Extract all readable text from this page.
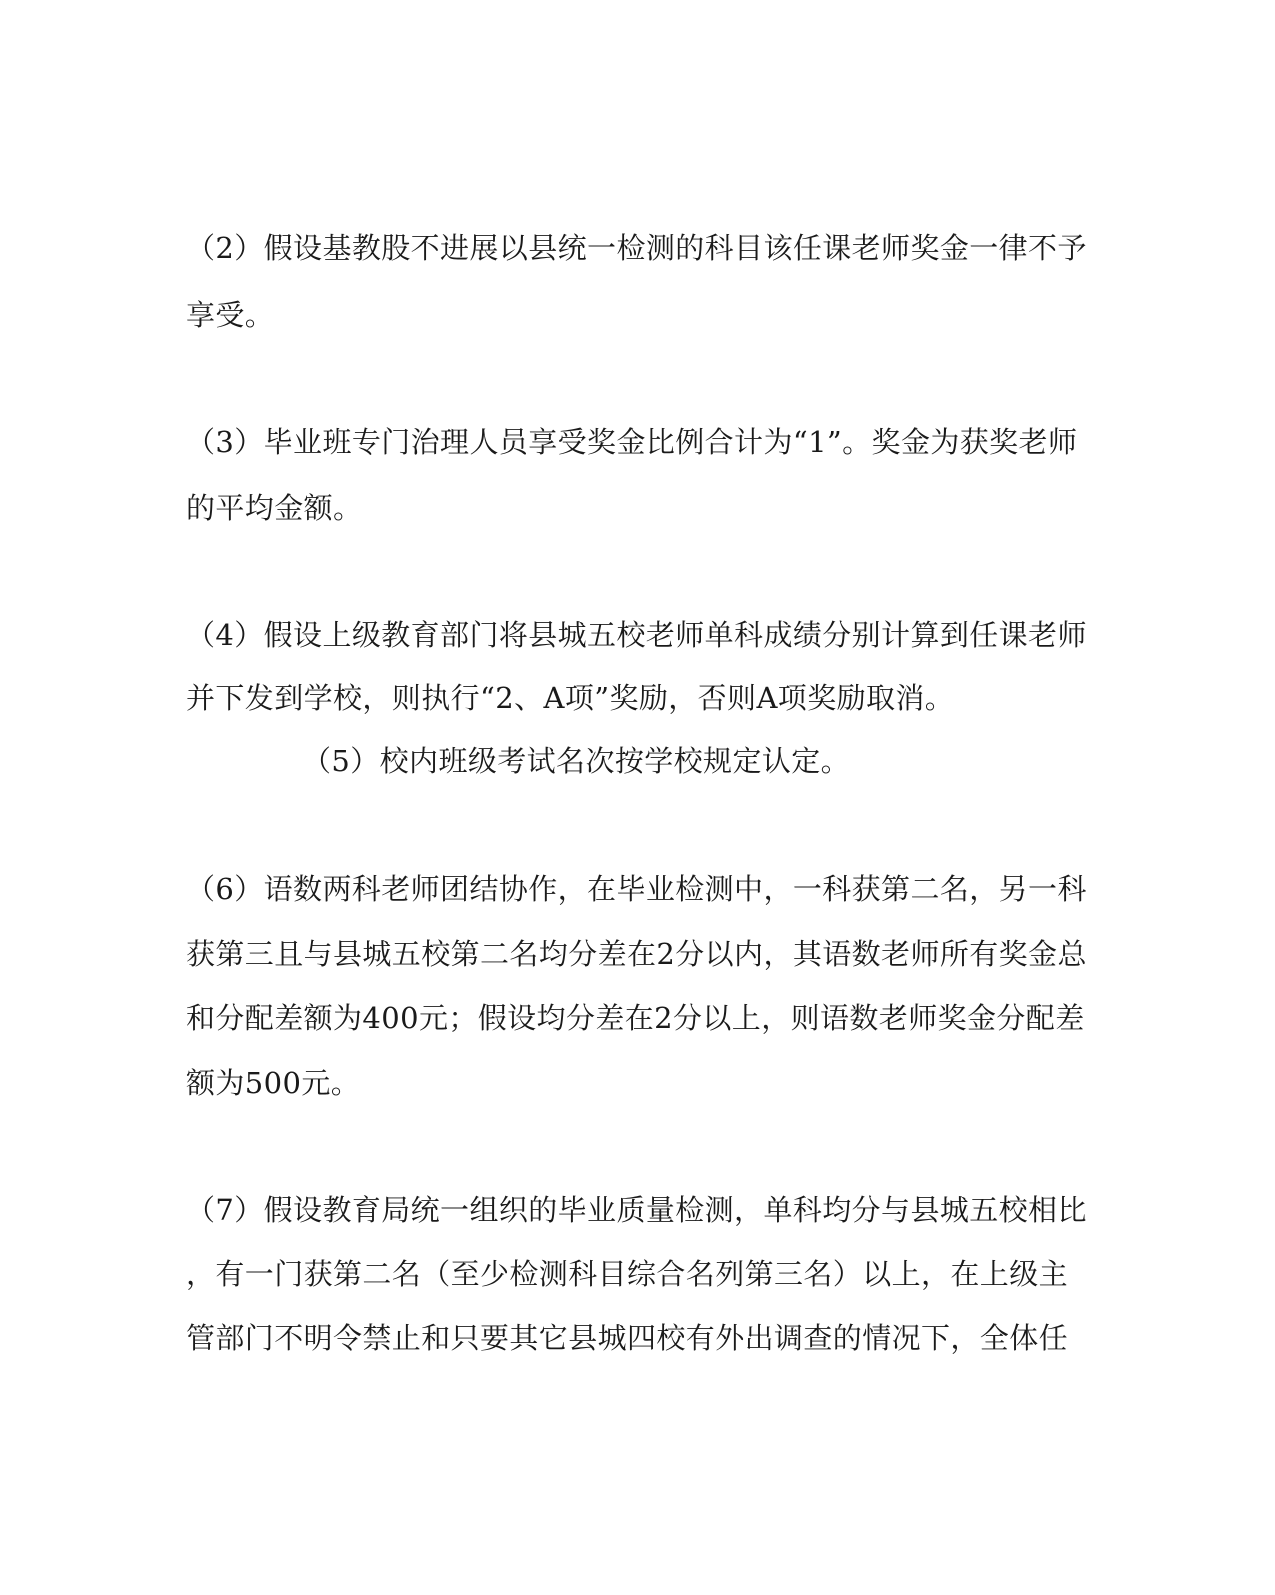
（2）假设基教股不进展以县统一检测的科目该任课老师奖金一律不予
享受。
（3）毕业班专门治理人员享受奖金比例合计为“1”。奖金为获奖老师
的平均金额。
（4）假设上级教育部门将县城五校老师单科成绩分别计算到任课老师
并下发到学校，则执行“2、A项”奖励，否则A项奖励取消。
（5）校内班级考试名次按学校规定认定。
（6）语数两科老师团结协作，在毕业检测中，一科获第二名，另一科
获第三且与县城五校第二名均分差在2分以内，其语数老师所有奖金总
和分配差额为400元；假设均分差在2分以上，则语数老师奖金分配差
额为500元。
（7）假设教育局统一组织的毕业质量检测，单科均分与县城五校相比
，有一门获第二名（至少检测科目综合名列第三名）以上，在上级主
管部门不明令禁止和只要其它县城四校有外出调查的情况下，全体任
